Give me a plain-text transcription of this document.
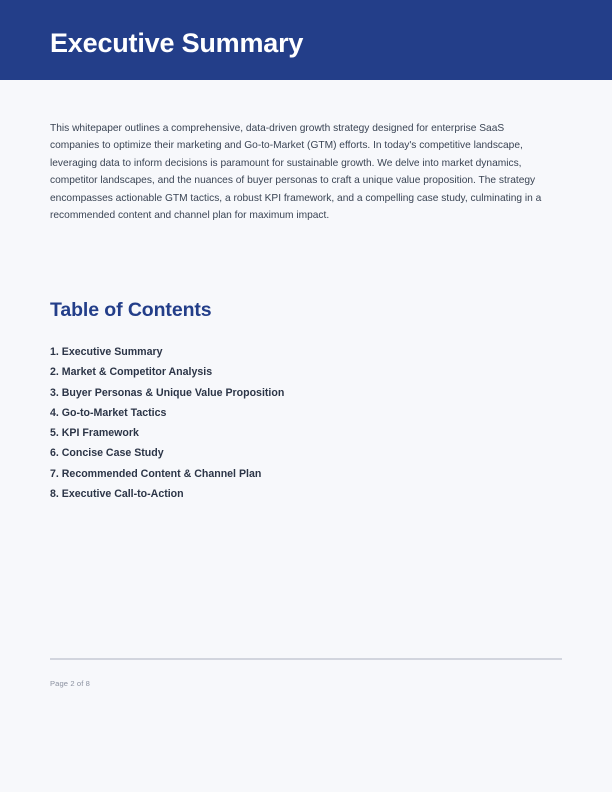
Executive Summary

This whitepaper outlines a comprehensive, data-driven growth strategy designed for enterprise SaaS companies to optimize their marketing and Go-to-Market (GTM) efforts. In today's competitive landscape, leveraging data to inform decisions is paramount for sustainable growth. We delve into market dynamics, competitor landscapes, and the nuances of buyer personas to craft a unique value proposition. The strategy encompasses actionable GTM tactics, a robust KPI framework, and a compelling case study, culminating in a recommended content and channel plan for maximum impact.

Table of Contents
1. Executive Summary
2. Market & Competitor Analysis
3. Buyer Personas & Unique Value Proposition
4. Go-to-Market Tactics
5. KPI Framework
6. Concise Case Study
7. Recommended Content & Channel Plan
8. Executive Call-to-Action

Page 2 of 8
